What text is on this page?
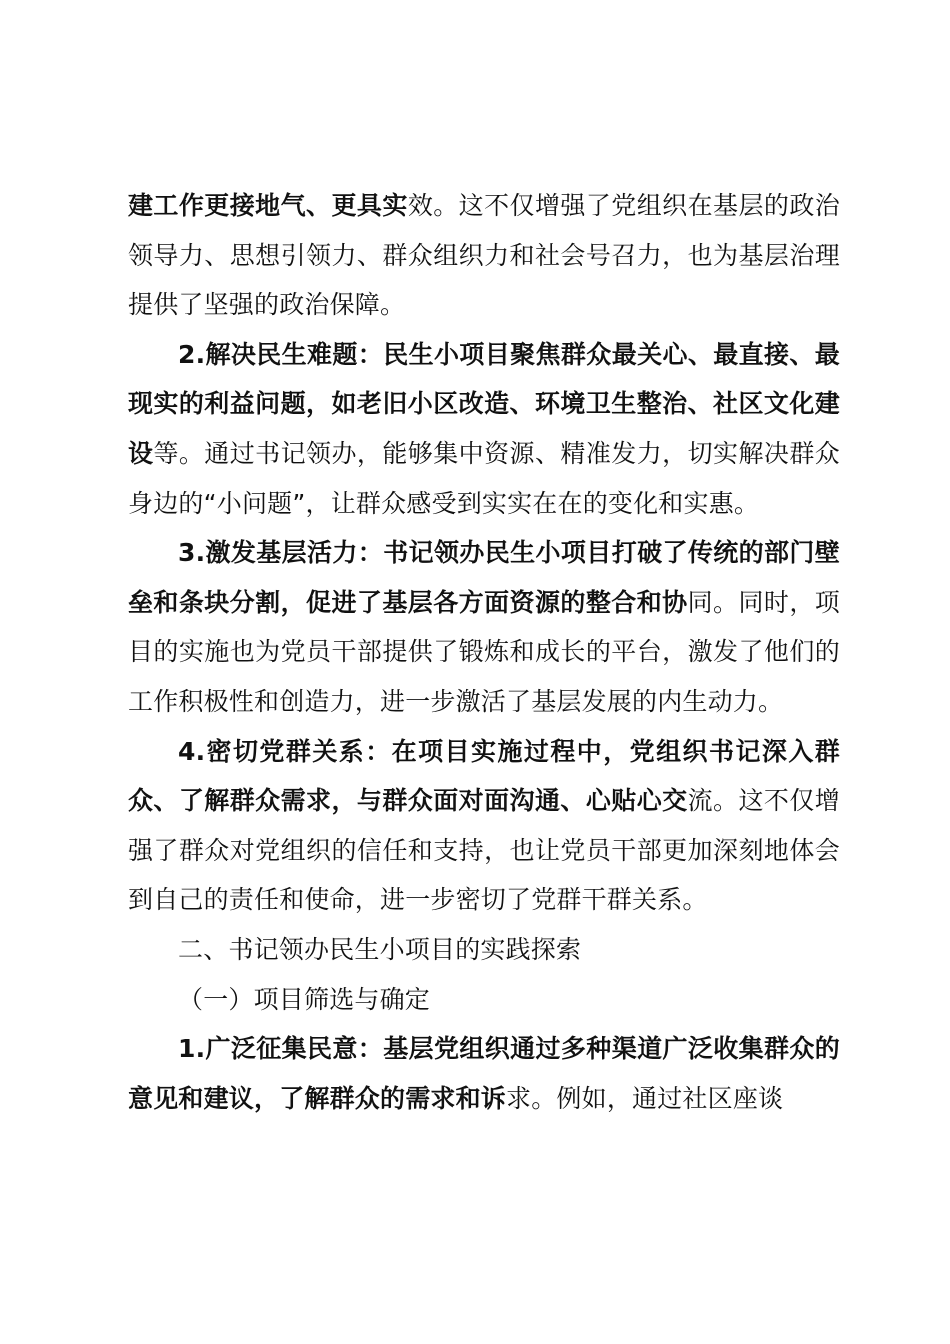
建工作更接地气、更具实效。这不仅增强了党组织在基层的政治领导力、思想引领力、群众组织力和社会号召力，也为基层治理提供了坚强的政治保障。

2.解决民生难题：民生小项目聚焦群众最关心、最直接、最现实的利益问题，如老旧小区改造、环境卫生整治、社区文化建设等。通过书记领办，能够集中资源、精准发力，切实解决群众身边的“小问题”，让群众感受到实实在在的变化和实惠。

3.激发基层活力：书记领办民生小项目打破了传统的部门壁垒和条块分割，促进了基层各方面资源的整合和协同。同时，项目的实施也为党员干部提供了锻炼和成长的平台，激发了他们的工作积极性和创造力，进一步激活了基层发展的内生动力。

4.密切党群关系：在项目实施过程中，党组织书记深入群众、了解群众需求，与群众面对面沟通、心贴心交流。这不仅增强了群众对党组织的信任和支持，也让党员干部更加深刻地体会到自己的责任和使命，进一步密切了党群干群关系。

二、书记领办民生小项目的实践探索

（一）项目筛选与确定

1.广泛征集民意：基层党组织通过多种渠道广泛收集群众的意见和建议，了解群众的需求和诉求。例如，通过社区座谈
